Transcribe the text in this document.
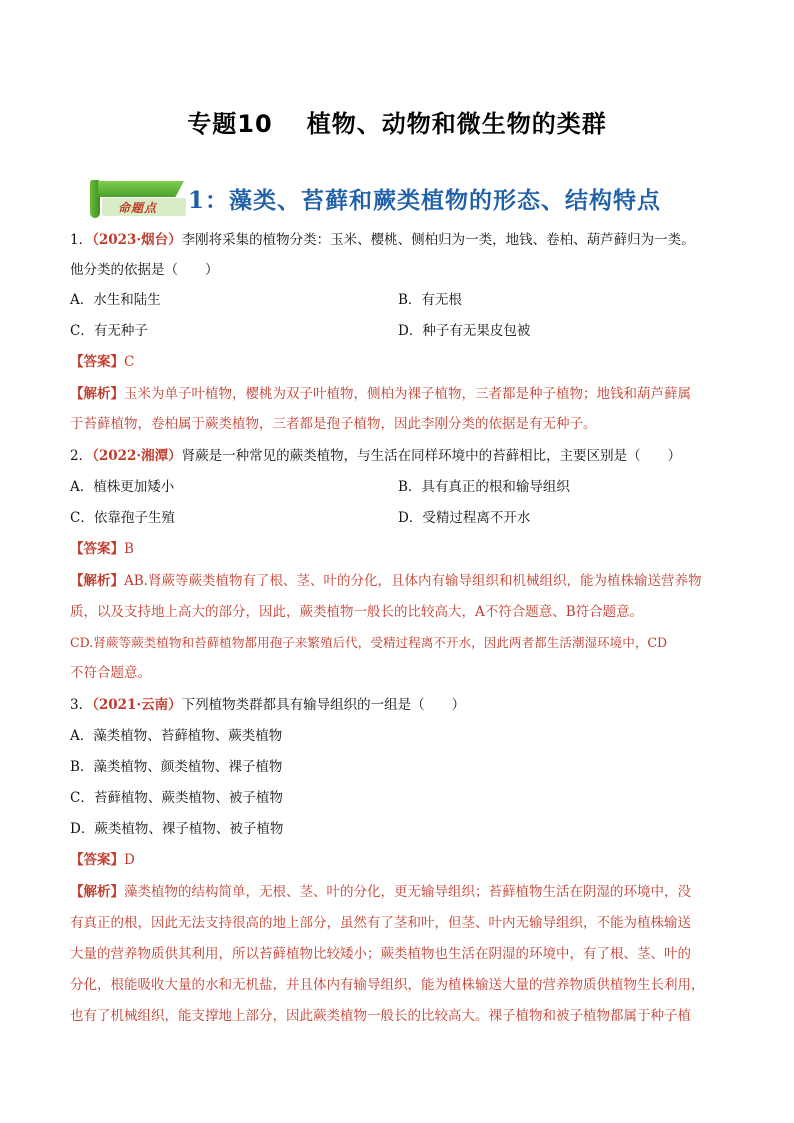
专题10 植物、动物和微生物的类群
命题点 1：藻类、苔藓和蕨类植物的形态、结构特点
1．（2023·烟台）李刚将采集的植物分类：玉米、樱桃、侧柏归为一类，地钱、卷柏、葫芦藓归为一类。
他分类的依据是（　　）
A．水生和陆生	B．有无根
C．有无种子	D．种子有无果皮包被
【答案】C
【解析】玉米为单子叶植物，樱桃为双子叶植物，侧柏为裸子植物，三者都是种子植物；地钱和葫芦藓属
于苔藓植物，卷柏属于蕨类植物，三者都是孢子植物，因此李刚分类的依据是有无种子。
2．（2022·湘潭）肾蕨是一种常见的蕨类植物，与生活在同样环境中的苔藓相比，主要区别是（　　）
A．植株更加矮小	B．具有真正的根和输导组织
C．依靠孢子生殖	D．受精过程离不开水
【答案】B
【解析】AB.肾蕨等蕨类植物有了根、茎、叶的分化，且体内有输导组织和机械组织，能为植株输送营养物
质，以及支持地上高大的部分，因此，蕨类植物一般长的比较高大，A不符合题意、B符合题意。
CD.肾蕨等蕨类植物和苔藓植物都用孢子来繁殖后代，受精过程离不开水，因此两者都生活潮湿环境中，CD
不符合题意。
3．（2021·云南）下列植物类群都具有输导组织的一组是（　　）
A．藻类植物、苔藓植物、蕨类植物
B．藻类植物、颜类植物、裸子植物
C．苔藓植物、蕨类植物、被子植物
D．蕨类植物、裸子植物、被子植物
【答案】D
【解析】藻类植物的结构简单，无根、茎、叶的分化，更无输导组织；苔藓植物生活在阴湿的环境中，没
有真正的根，因此无法支持很高的地上部分，虽然有了茎和叶，但茎、叶内无输导组织，不能为植株输送
大量的营养物质供其利用，所以苔藓植物比较矮小；蕨类植物也生活在阴湿的环境中，有了根、茎、叶的
分化，根能吸收大量的水和无机盐，并且体内有输导组织，能为植株输送大量的营养物质供植物生长利用，
也有了机械组织，能支撑地上部分，因此蕨类植物一般长的比较高大。裸子植物和被子植物都属于种子植
